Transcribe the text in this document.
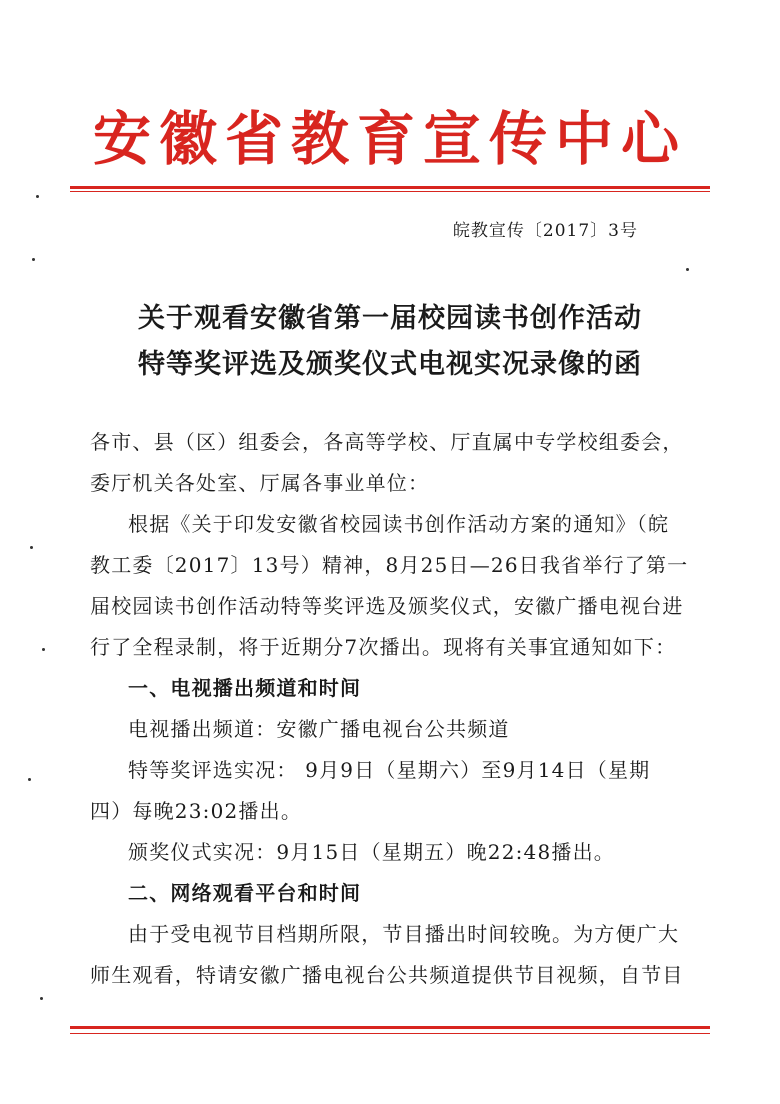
安徽省教育宣传中心
皖教宣传〔2017〕3号
关于观看安徽省第一届校园读书创作活动
特等奖评选及颁奖仪式电视实况录像的函
各市、县（区）组委会，各高等学校、厅直属中专学校组委会，
委厅机关各处室、厅属各事业单位：
根据《关于印发安徽省校园读书创作活动方案的通知》（皖
教工委〔2017〕13号）精神，8月25日—26日我省举行了第一
届校园读书创作活动特等奖评选及颁奖仪式，安徽广播电视台进
行了全程录制，将于近期分7次播出。现将有关事宜通知如下：
一、电视播出频道和时间
电视播出频道：安徽广播电视台公共频道
特等奖评选实况： 9月9日（星期六）至9月14日（星期
四）每晚23:02播出。
颁奖仪式实况：9月15日（星期五）晚22:48播出。
二、网络观看平台和时间
由于受电视节目档期所限，节目播出时间较晚。为方便广大
师生观看，特请安徽广播电视台公共频道提供节目视频，自节目
